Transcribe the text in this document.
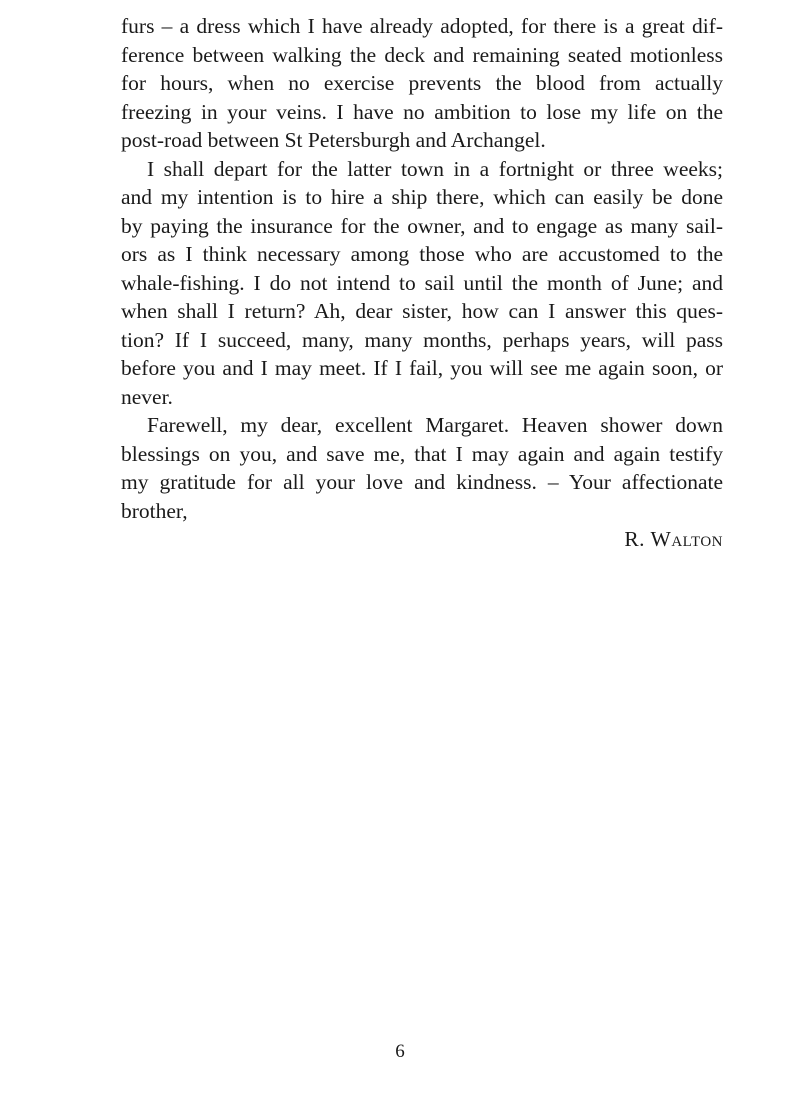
furs – a dress which I have already adopted, for there is a great dif-
ference between walking the deck and remaining seated motionless
for hours, when no exercise prevents the blood from actually
freezing in your veins. I have no ambition to lose my life on the
post-road between St Petersburgh and Archangel.
I shall depart for the latter town in a fortnight or three weeks;
and my intention is to hire a ship there, which can easily be done
by paying the insurance for the owner, and to engage as many sail-
ors as I think necessary among those who are accustomed to the
whale-fishing. I do not intend to sail until the month of June; and
when shall I return? Ah, dear sister, how can I answer this ques-
tion? If I succeed, many, many months, perhaps years, will pass
before you and I may meet. If I fail, you will see me again soon, or
never.
Farewell, my dear, excellent Margaret. Heaven shower down
blessings on you, and save me, that I may again and again testify
my gratitude for all your love and kindness. – Your affectionate
brother,
R. Walton
6
